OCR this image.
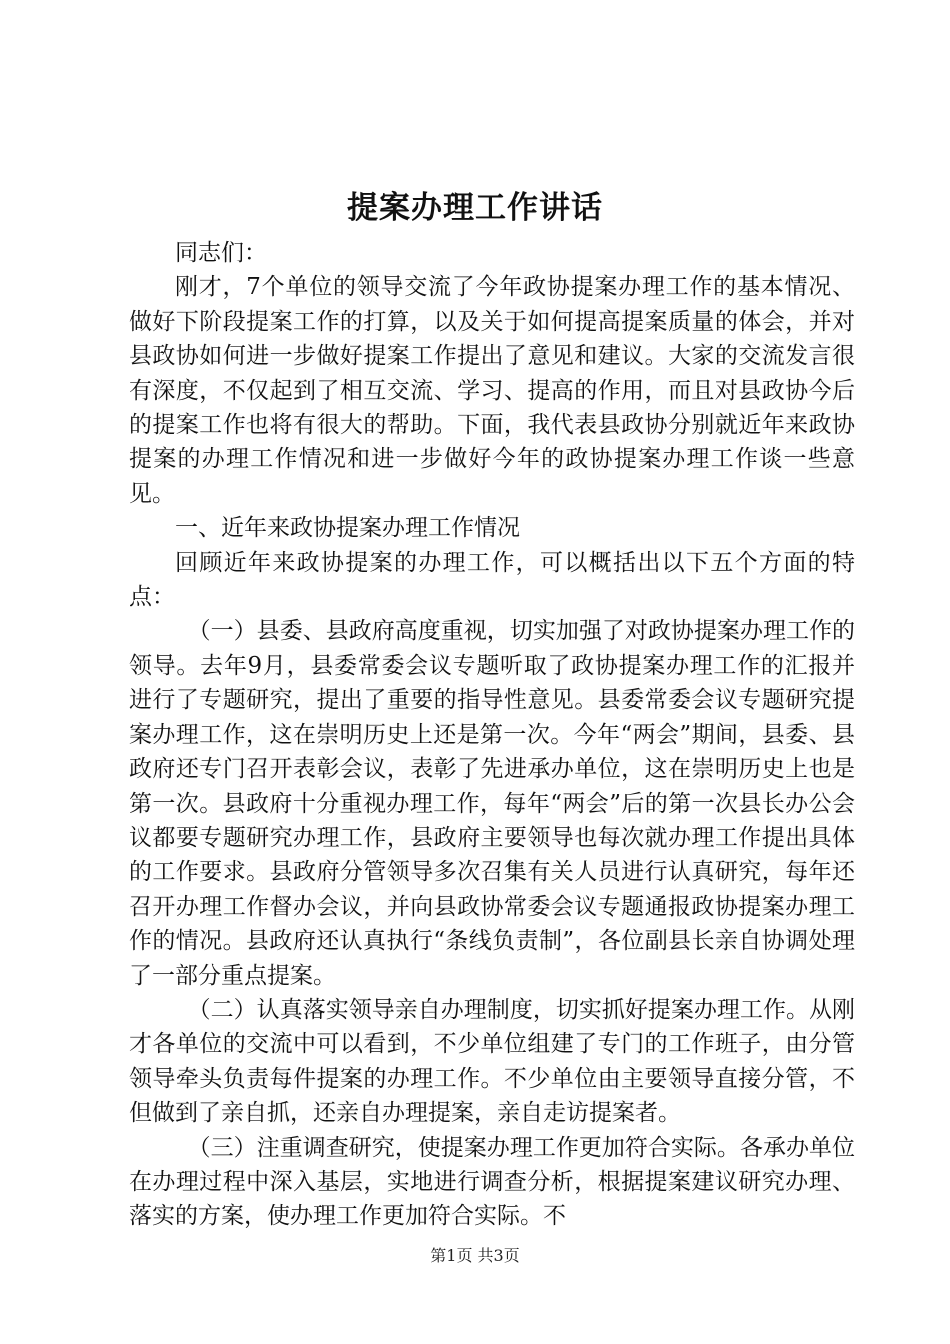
提案办理工作讲话

同志们：

刚才，7个单位的领导交流了今年政协提案办理工作的基本情况、做好下阶段提案工作的打算，以及关于如何提高提案质量的体会，并对县政协如何进一步做好提案工作提出了意见和建议。大家的交流发言很有深度，不仅起到了相互交流、学习、提高的作用，而且对县政协今后的提案工作也将有很大的帮助。下面，我代表县政协分别就近年来政协提案的办理工作情况和进一步做好今年的政协提案办理工作谈一些意见。

一、近年来政协提案办理工作情况

回顾近年来政协提案的办理工作，可以概括出以下五个方面的特点：

（一）县委、县政府高度重视，切实加强了对政协提案办理工作的领导。去年9月，县委常委会议专题听取了政协提案办理工作的汇报并进行了专题研究，提出了重要的指导性意见。县委常委会议专题研究提案办理工作，这在崇明历史上还是第一次。今年“两会”期间，县委、县政府还专门召开表彰会议，表彰了先进承办单位，这在崇明历史上也是第一次。县政府十分重视办理工作，每年“两会”后的第一次县长办公会议都要专题研究办理工作，县政府主要领导也每次就办理工作提出具体的工作要求。县政府分管领导多次召集有关人员进行认真研究，每年还召开办理工作督办会议，并向县政协常委会议专题通报政协提案办理工作的情况。县政府还认真执行“条线负责制”，各位副县长亲自协调处理了一部分重点提案。

（二）认真落实领导亲自办理制度，切实抓好提案办理工作。从刚才各单位的交流中可以看到，不少单位组建了专门的工作班子，由分管领导牵头负责每件提案的办理工作。不少单位由主要领导直接分管，不但做到了亲自抓，还亲自办理提案，亲自走访提案者。

（三）注重调查研究，使提案办理工作更加符合实际。各承办单位在办理过程中深入基层，实地进行调查分析，根据提案建议研究办理、落实的方案，使办理工作更加符合实际。不

第1页 共3页
